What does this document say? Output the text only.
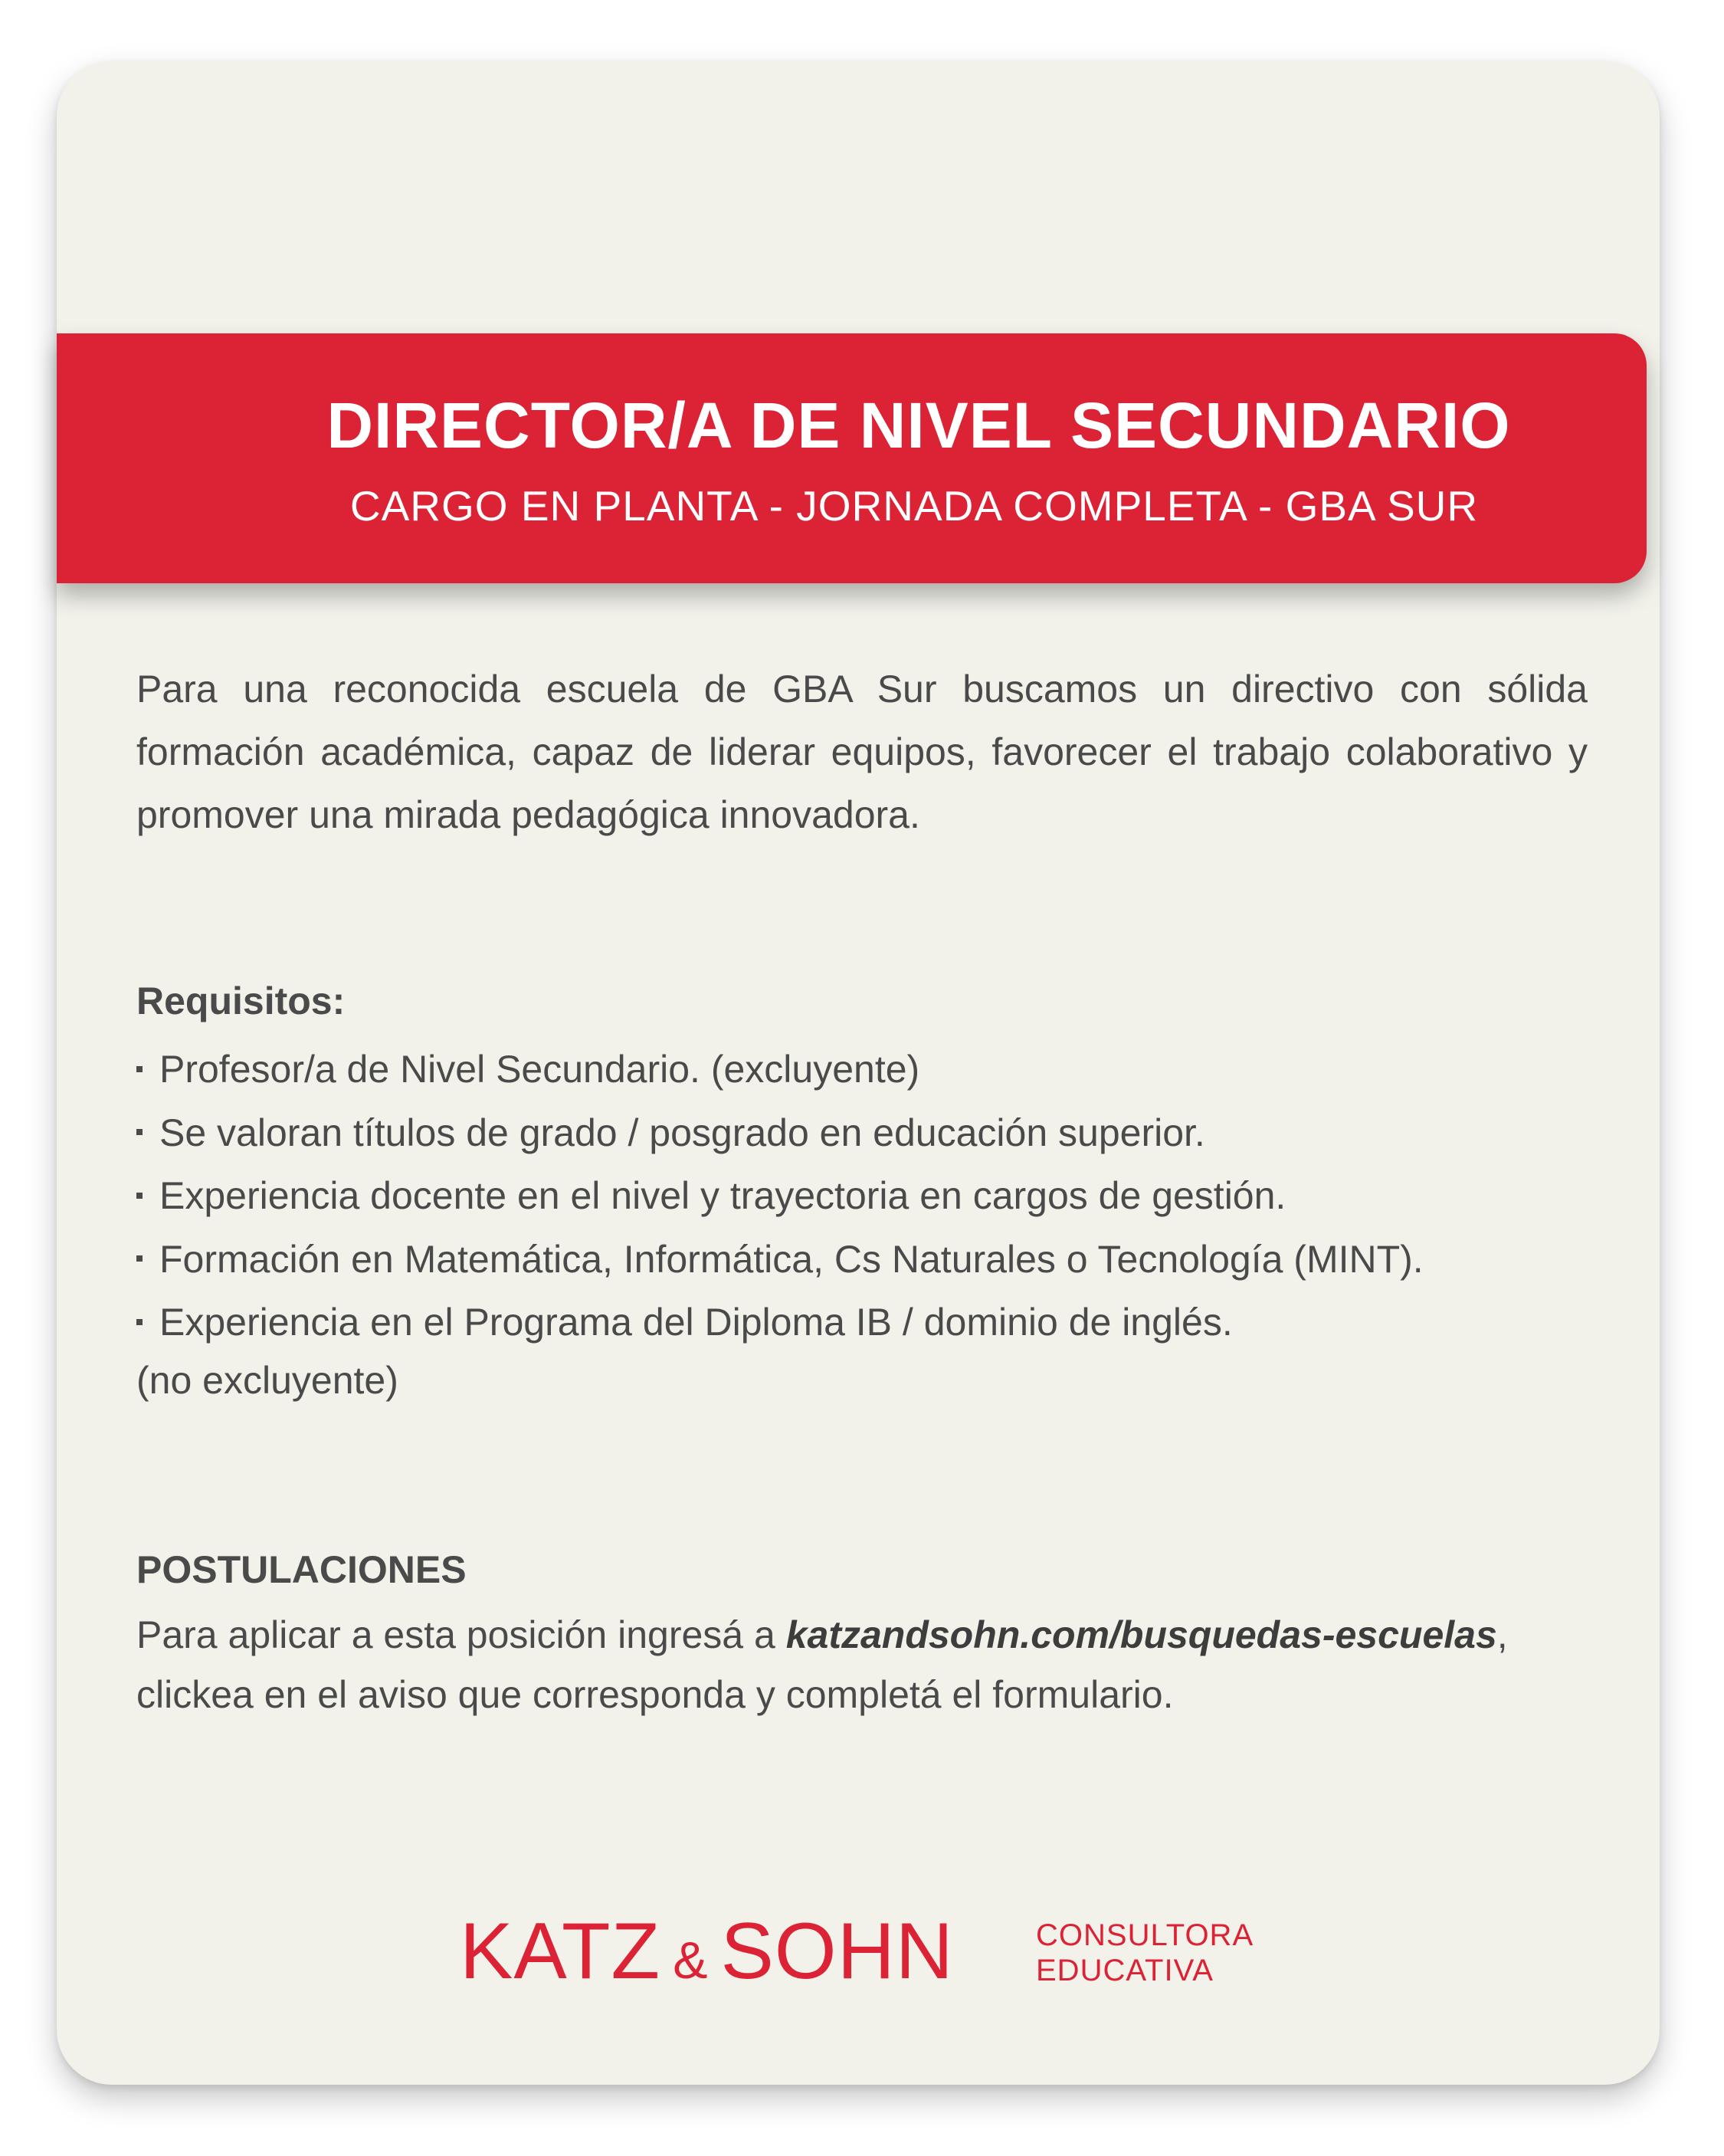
DIRECTOR/A DE NIVEL SECUNDARIO
CARGO EN PLANTA - JORNADA COMPLETA - GBA SUR
Para una reconocida escuela de GBA Sur buscamos un directivo con sólida formación académica, capaz de liderar equipos, favorecer el trabajo colaborativo y promover una mirada pedagógica innovadora.
Requisitos:
Profesor/a de Nivel Secundario. (excluyente)
Se valoran títulos de grado / posgrado en educación superior.
Experiencia docente en el nivel y trayectoria en cargos de gestión.
Formación en Matemática, Informática, Cs Naturales o Tecnología (MINT).
Experiencia en el Programa del Diploma IB / dominio de inglés.
(no excluyente)
POSTULACIONES
Para aplicar a esta posición ingresá a katzandsohn.com/busquedas-escuelas,
clickea en el aviso que corresponda y completá el formulario.
KATZ & SOHN	CONSULTORA
EDUCATIVA
